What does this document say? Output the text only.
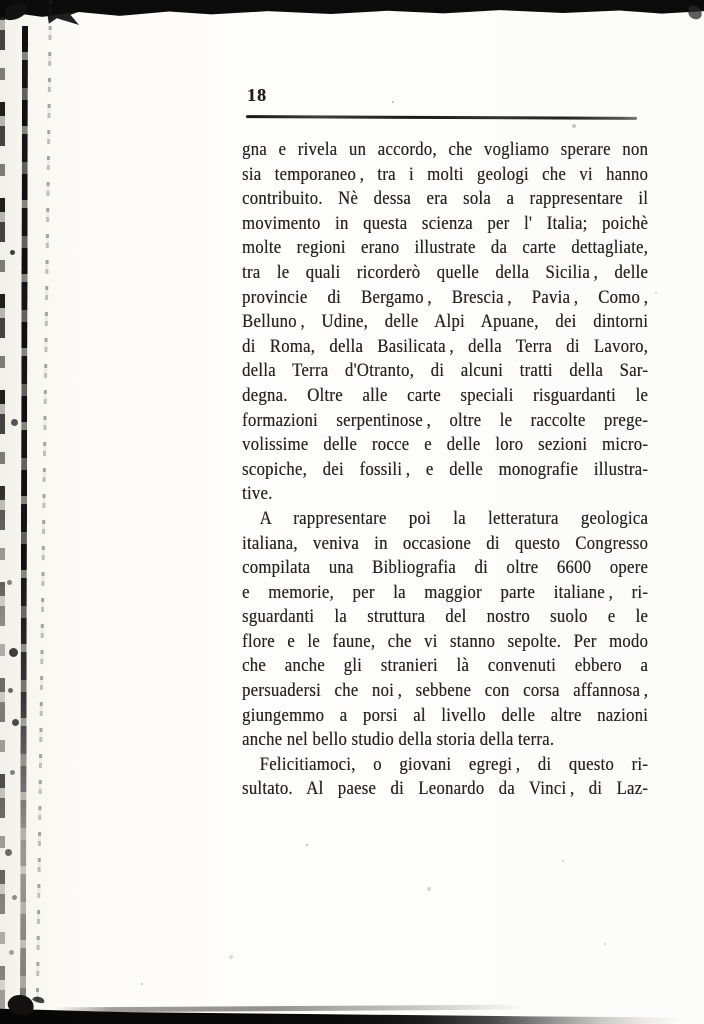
18
gna e rivela un accordo, che vogliamo sperare non
sia temporaneo , tra i molti geologi che vi hanno
contribuito. Nè dessa era sola a rappresentare il
movimento in questa scienza per l' Italia; poichè
molte regioni erano illustrate da carte dettagliate,
tra le quali ricorderò quelle della Sicilia , delle
provincie di Bergamo , Brescia , Pavia , Como ,
Belluno , Udine, delle Alpi Apuane, dei dintorni
di Roma, della Basilicata , della Terra di Lavoro,
della Terra d'Otranto, di alcuni tratti della Sar-
degna. Oltre alle carte speciali risguardanti le
formazioni serpentinose , oltre le raccolte prege-
volissime delle rocce e delle loro sezioni micro-
scopiche, dei fossili , e delle monografie illustra-
tive.
A rappresentare poi la letteratura geologica
italiana, veniva in occasione di questo Congresso
compilata una Bibliografia di oltre 6600 opere
e memorie, per la maggior parte italiane , ri-
sguardanti la struttura del nostro suolo e le
flore e le faune, che vi stanno sepolte. Per modo
che anche gli stranieri là convenuti ebbero a
persuadersi che noi , sebbene con corsa affannosa ,
giungemmo a porsi al livello delle altre nazioni
anche nel bello studio della storia della terra.
Felicitiamoci, o giovani egregi , di questo ri-
sultato. Al paese di Leonardo da Vinci , di Laz-
